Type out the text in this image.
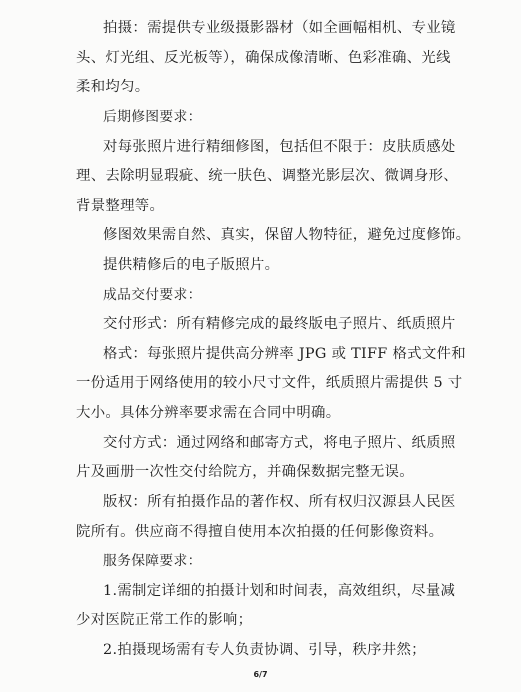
拍摄：需提供专业级摄影器材（如全画幅相机、专业镜
头、灯光组、反光板等），确保成像清晰、色彩准确、光线
柔和均匀。
后期修图要求：
对每张照片进行精细修图，包括但不限于：皮肤质感处
理、去除明显瑕疵、统一肤色、调整光影层次、微调身形、
背景整理等。
修图效果需自然、真实，保留人物特征，避免过度修饰。
提供精修后的电子版照片。
成品交付要求：
交付形式：所有精修完成的最终版电子照片、纸质照片
格式：每张照片提供高分辨率 JPG 或 TIFF 格式文件和
一份适用于网络使用的较小尺寸文件，纸质照片需提供 5 寸
大小。具体分辨率要求需在合同中明确。
交付方式：通过网络和邮寄方式，将电子照片、纸质照
片及画册一次性交付给院方，并确保数据完整无误。
版权：所有拍摄作品的著作权、所有权归汉源县人民医
院所有。供应商不得擅自使用本次拍摄的任何影像资料。
服务保障要求：
1.需制定详细的拍摄计划和时间表，高效组织，尽量减
少对医院正常工作的影响；
2.拍摄现场需有专人负责协调、引导，秩序井然；
6/7
